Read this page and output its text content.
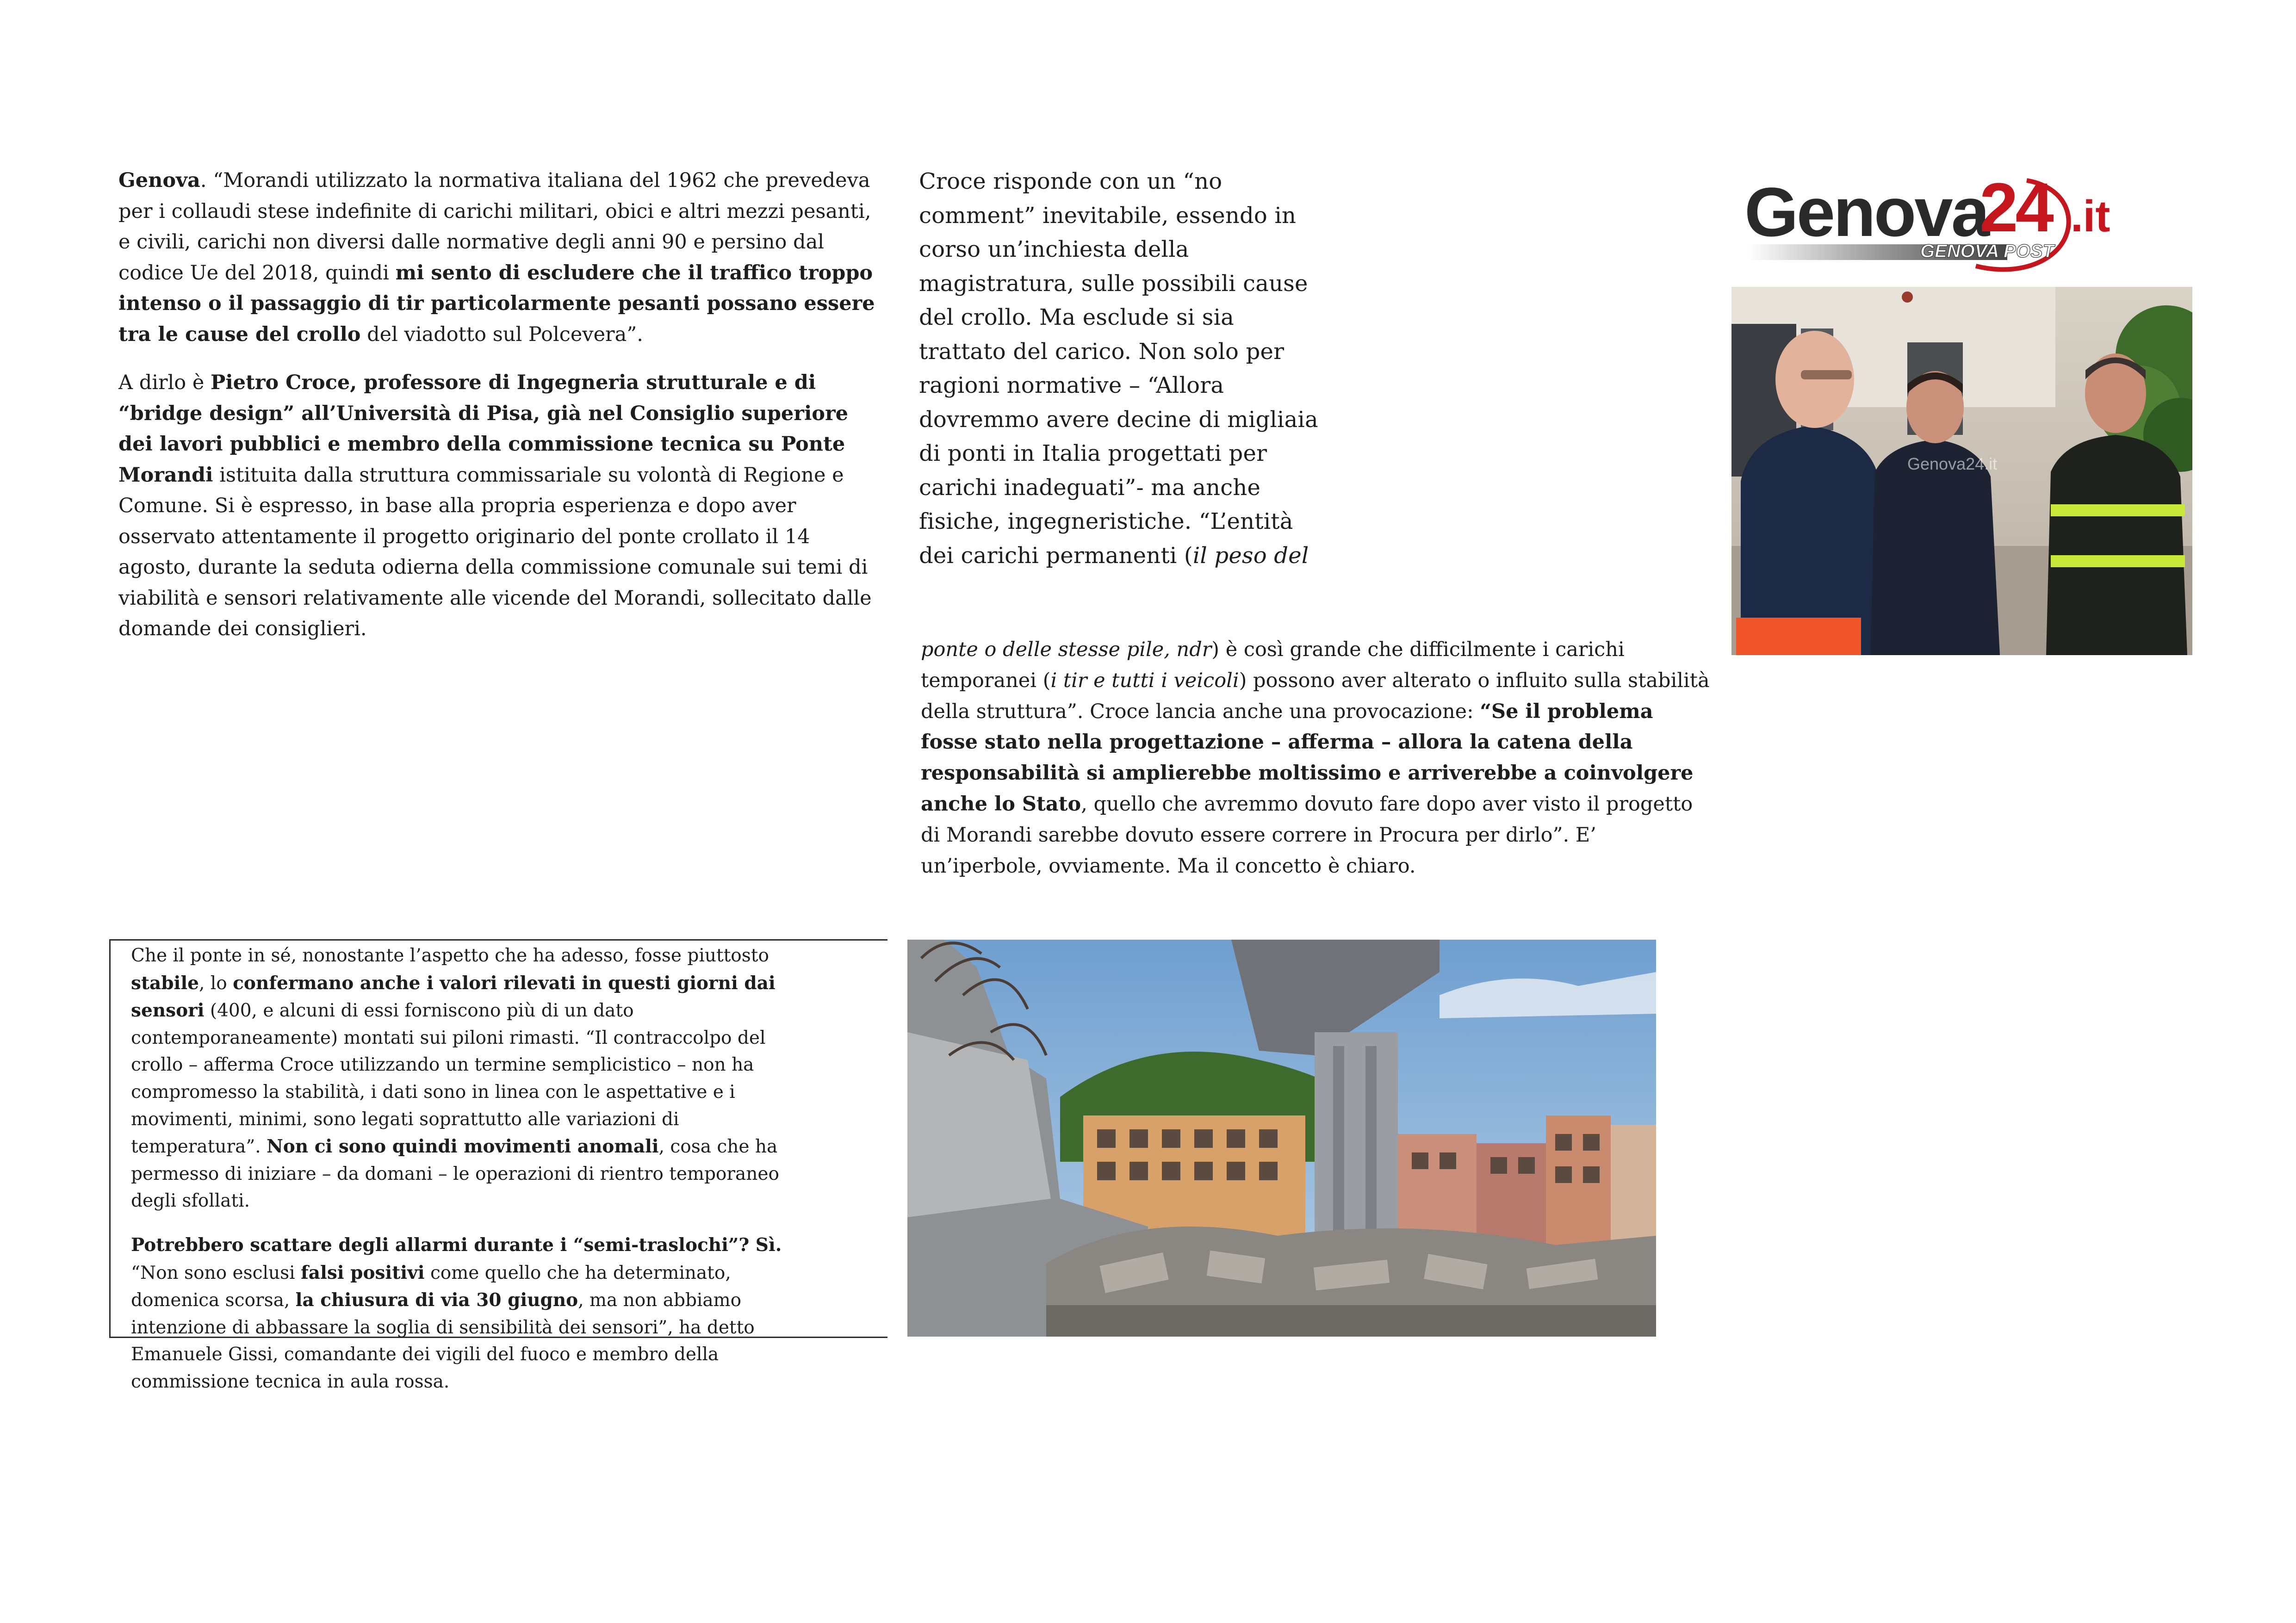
Genova. “Morandi utilizzato la normativa italiana del 1962 che prevedeva per i collaudi stese indefinite di carichi militari, obici e altri mezzi pesanti, e civili, carichi non diversi dalle normative degli anni 90 e persino dal codice Ue del 2018, quindi mi sento di escludere che il traffico troppo intenso o il passaggio di tir particolarmente pesanti possano essere tra le cause del crollo del viadotto sul Polcevera”.

A dirlo è Pietro Croce, professore di Ingegneria strutturale e di “bridge design” all’Università di Pisa, già nel Consiglio superiore dei lavori pubblici e membro della commissione tecnica su Ponte Morandi istituita dalla struttura commissariale su volontà di Regione e Comune. Si è espresso, in base alla propria esperienza e dopo aver osservato attentamente il progetto originario del ponte crollato il 14 agosto, durante la seduta odierna della commissione comunale sui temi di viabilità e sensori relativamente alle vicende del Morandi, sollecitato dalle domande dei consiglieri.

Croce risponde con un “no comment” inevitabile, essendo in corso un’inchiesta della magistratura, sulle possibili cause del crollo. Ma esclude si sia trattato del carico. Non solo per ragioni normative – “Allora dovremmo avere decine di migliaia di ponti in Italia progettati per carichi inadeguati”- ma anche fisiche, ingegneristiche. “L’entità dei carichi permanenti (il peso del

ponte o delle stesse pile, ndr) è così grande che difficilmente i carichi temporanei (i tir e tutti i veicoli) possono aver alterato o influito sulla stabilità della struttura”. Croce lancia anche una provocazione: “Se il problema fosse stato nella progettazione – afferma – allora la catena della responsabilità si amplierebbe moltissimo e arriverebbe a coinvolgere anche lo Stato, quello che avremmo dovuto fare dopo aver visto il progetto di Morandi sarebbe dovuto essere correre in Procura per dirlo”. E’ un’iperbole, ovviamente. Ma il concetto è chiaro.

Che il ponte in sé, nonostante l’aspetto che ha adesso, fosse piuttosto stabile, lo confermano anche i valori rilevati in questi giorni dai sensori (400, e alcuni di essi forniscono più di un dato contemporaneamente) montati sui piloni rimasti. “Il contraccolpo del crollo – afferma Croce utilizzando un termine semplicistico – non ha compromesso la stabilità, i dati sono in linea con le aspettative e i movimenti, minimi, sono legati soprattutto alle variazioni di temperatura”. Non ci sono quindi movimenti anomali, cosa che ha permesso di iniziare – da domani – le operazioni di rientro temporaneo degli sfollati.

Potrebbero scattare degli allarmi durante i “semi-traslochi”? Sì. “Non sono esclusi falsi positivi come quello che ha determinato, domenica scorsa, la chiusura di via 30 giugno, ma non abbiamo intenzione di abbassare la soglia di sensibilità dei sensori”, ha detto Emanuele Gissi, comandante dei vigili del fuoco e membro della commissione tecnica in aula rossa.

Genova
24 .it
GENOVA POST
Genova24.it
